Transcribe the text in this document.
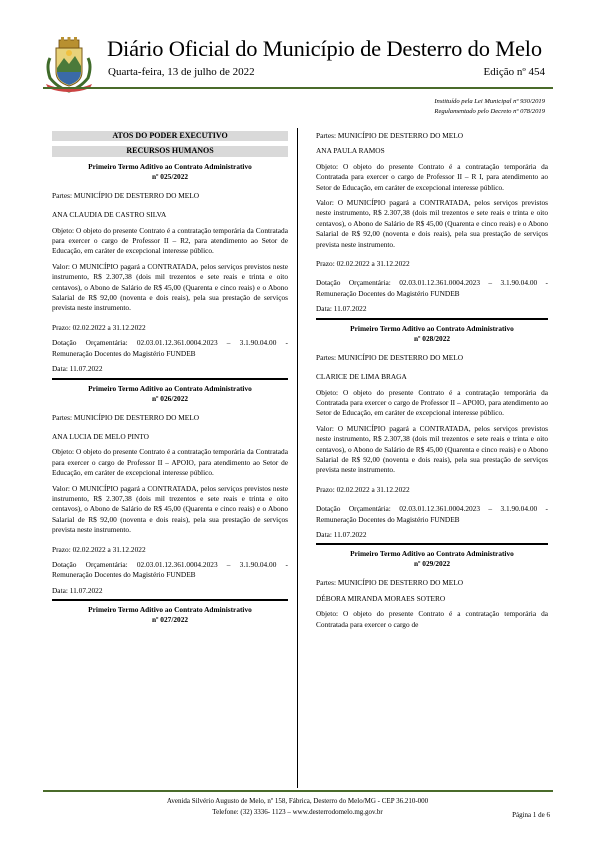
Diário Oficial do Município de Desterro do Melo
Quarta-feira, 13 de julho de 2022	Edição nº 454
Instituído pela Lei Municipal nº 930/2019
Regulamentado pelo Decreto nº 078/2019
ATOS DO PODER EXECUTIVO
RECURSOS HUMANOS
Primeiro Termo Aditivo ao Contrato Administrativo
nº 025/2022

Partes: MUNICÍPIO DE DESTERRO DO MELO

ANA CLAUDIA DE CASTRO SILVA

Objeto: O objeto do presente Contrato é a contratação temporária da Contratada para exercer o cargo de Professor II – R2, para atendimento ao Setor de Educação, em caráter de excepcional interesse público.

Valor: O MUNICÍPIO pagará a CONTRATADA, pelos serviços previstos neste instrumento, R$ 2.307,38 (dois mil trezentos e sete reais e trinta e oito centavos), o Abono de Salário de R$ 45,00 (Quarenta e cinco reais) e o Abono Salarial de R$ 92,00 (noventa e dois reais), pela sua prestação de serviços prevista neste instrumento.

Prazo: 02.02.2022 a 31.12.2022

Dotação Orçamentária: 02.03.01.12.361.0004.2023 – 3.1.90.04.00 - Remuneração Docentes do Magistério FUNDEB

Data: 11.07.2022

Primeiro Termo Aditivo ao Contrato Administrativo
nº 026/2022

Partes: MUNICÍPIO DE DESTERRO DO MELO

ANA LUCIA DE MELO PINTO

Objeto: O objeto do presente Contrato é a contratação temporária da Contratada para exercer o cargo de Professor II – APOIO, para atendimento ao Setor de Educação, em caráter de excepcional interesse público.

Valor: O MUNICÍPIO pagará a CONTRATADA, pelos serviços previstos neste instrumento, R$ 2.307,38 (dois mil trezentos e sete reais e trinta e oito centavos), o Abono de Salário de R$ 45,00 (Quarenta e cinco reais) e o Abono Salarial de R$ 92,00 (noventa e dois reais), pela sua prestação de serviços prevista neste instrumento.

Prazo: 02.02.2022 a 31.12.2022

Dotação Orçamentária: 02.03.01.12.361.0004.2023 – 3.1.90.04.00 - Remuneração Docentes do Magistério FUNDEB

Data: 11.07.2022

Primeiro Termo Aditivo ao Contrato Administrativo
nº 027/2022

Partes: MUNICÍPIO DE DESTERRO DO MELO

ANA PAULA RAMOS

Objeto: O objeto do presente Contrato é a contratação temporária da Contratada para exercer o cargo de Professor II – R I, para atendimento ao Setor de Educação, em caráter de excepcional interesse público.

Valor: O MUNICÍPIO pagará a CONTRATADA, pelos serviços previstos neste instrumento, R$ 2.307,38 (dois mil trezentos e sete reais e trinta e oito centavos), o Abono de Salário de R$ 45,00 (Quarenta e cinco reais) e o Abono Salarial de R$ 92,00 (noventa e dois reais), pela sua prestação de serviços prevista neste instrumento.

Prazo: 02.02.2022 a 31.12.2022

Dotação Orçamentária: 02.03.01.12.361.0004.2023 – 3.1.90.04.00 - Remuneração Docentes do Magistério FUNDEB

Data: 11.07.2022

Primeiro Termo Aditivo ao Contrato Administrativo
nº 028/2022

Partes: MUNICÍPIO DE DESTERRO DO MELO

CLARICE DE LIMA BRAGA

Objeto: O objeto do presente Contrato é a contratação temporária da Contratada para exercer o cargo de Professor II – APOIO, para atendimento ao Setor de Educação, em caráter de excepcional interesse público.

Valor: O MUNICÍPIO pagará a CONTRATADA, pelos serviços previstos neste instrumento, R$ 2.307,38 (dois mil trezentos e sete reais e trinta e oito centavos), o Abono de Salário de R$ 45,00 (Quarenta e cinco reais) e o Abono Salarial de R$ 92,00 (noventa e dois reais), pela sua prestação de serviços prevista neste instrumento.

Prazo: 02.02.2022 a 31.12.2022

Dotação Orçamentária: 02.03.01.12.361.0004.2023 – 3.1.90.04.00 - Remuneração Docentes do Magistério FUNDEB

Data: 11.07.2022

Primeiro Termo Aditivo ao Contrato Administrativo
nº 029/2022

Partes: MUNICÍPIO DE DESTERRO DO MELO

DÉBORA MIRANDA MORAES SOTERO

Objeto: O objeto do presente Contrato é a contratação temporária da Contratada para exercer o cargo de

Avenida Silvério Augusto de Melo, nº 158, Fábrica, Desterro do Melo/MG - CEP 36.210-000
Telefone: (32) 3336- 1123 – www.desterrodomelo.mg.gov.br	Página 1 de 6
